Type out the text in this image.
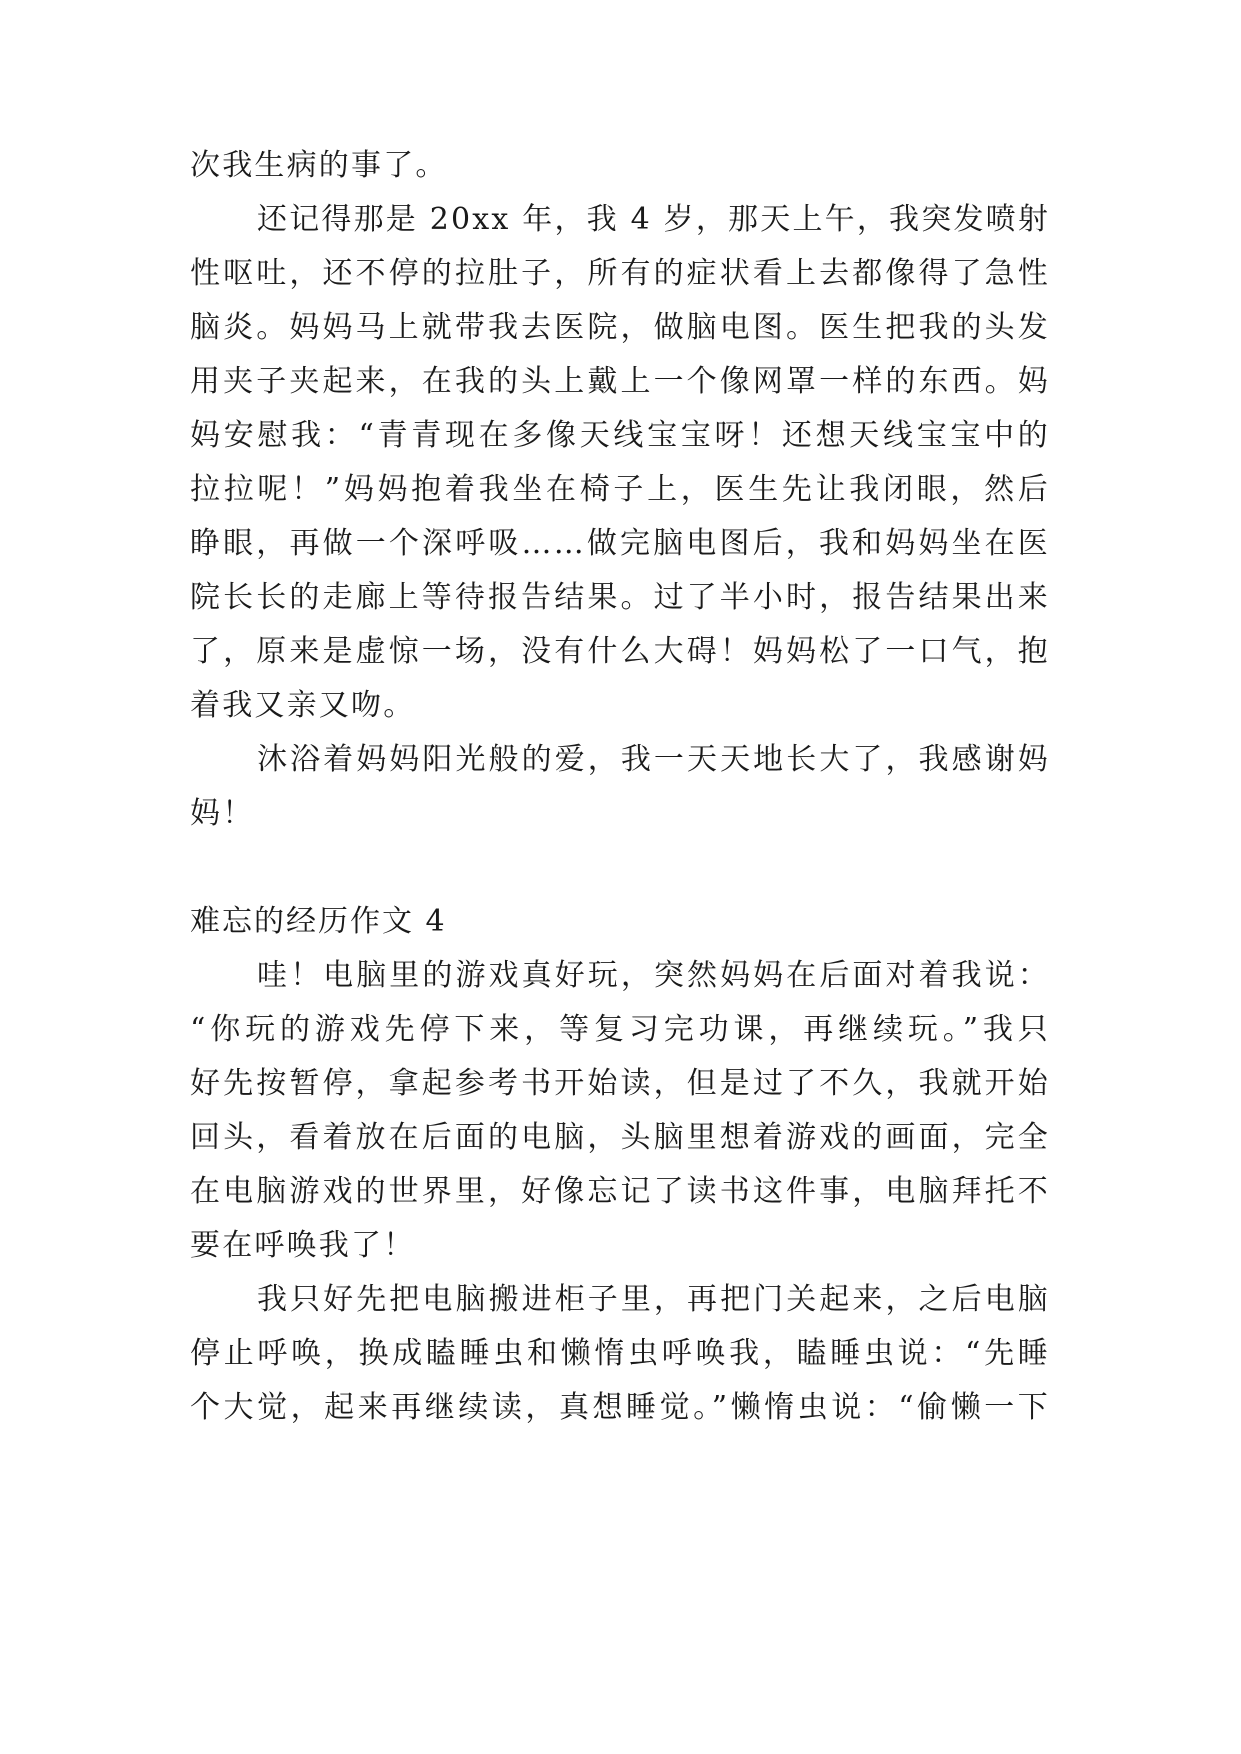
次我生病的事了。
还记得那是 20xx 年，我 4 岁，那天上午，我突发喷射
性呕吐，还不停的拉肚子，所有的症状看上去都像得了急性
脑炎。妈妈马上就带我去医院，做脑电图。医生把我的头发
用夹子夹起来，在我的头上戴上一个像网罩一样的东西。妈
妈安慰我：“青青现在多像天线宝宝呀！还想天线宝宝中的
拉拉呢！”妈妈抱着我坐在椅子上，医生先让我闭眼，然后
睁眼，再做一个深呼吸……做完脑电图后，我和妈妈坐在医
院长长的走廊上等待报告结果。过了半小时，报告结果出来
了，原来是虚惊一场，没有什么大碍！妈妈松了一口气，抱
着我又亲又吻。
沐浴着妈妈阳光般的爱，我一天天地长大了，我感谢妈
妈！
难忘的经历作文 4
哇！电脑里的游戏真好玩，突然妈妈在后面对着我说：
“你玩的游戏先停下来，等复习完功课，再继续玩。”我只
好先按暂停，拿起参考书开始读，但是过了不久，我就开始
回头，看着放在后面的电脑，头脑里想着游戏的画面，完全
在电脑游戏的世界里，好像忘记了读书这件事，电脑拜托不
要在呼唤我了！
我只好先把电脑搬进柜子里，再把门关起来，之后电脑
停止呼唤，换成瞌睡虫和懒惰虫呼唤我，瞌睡虫说：“先睡
个大觉，起来再继续读，真想睡觉。”懒惰虫说：“偷懒一下
